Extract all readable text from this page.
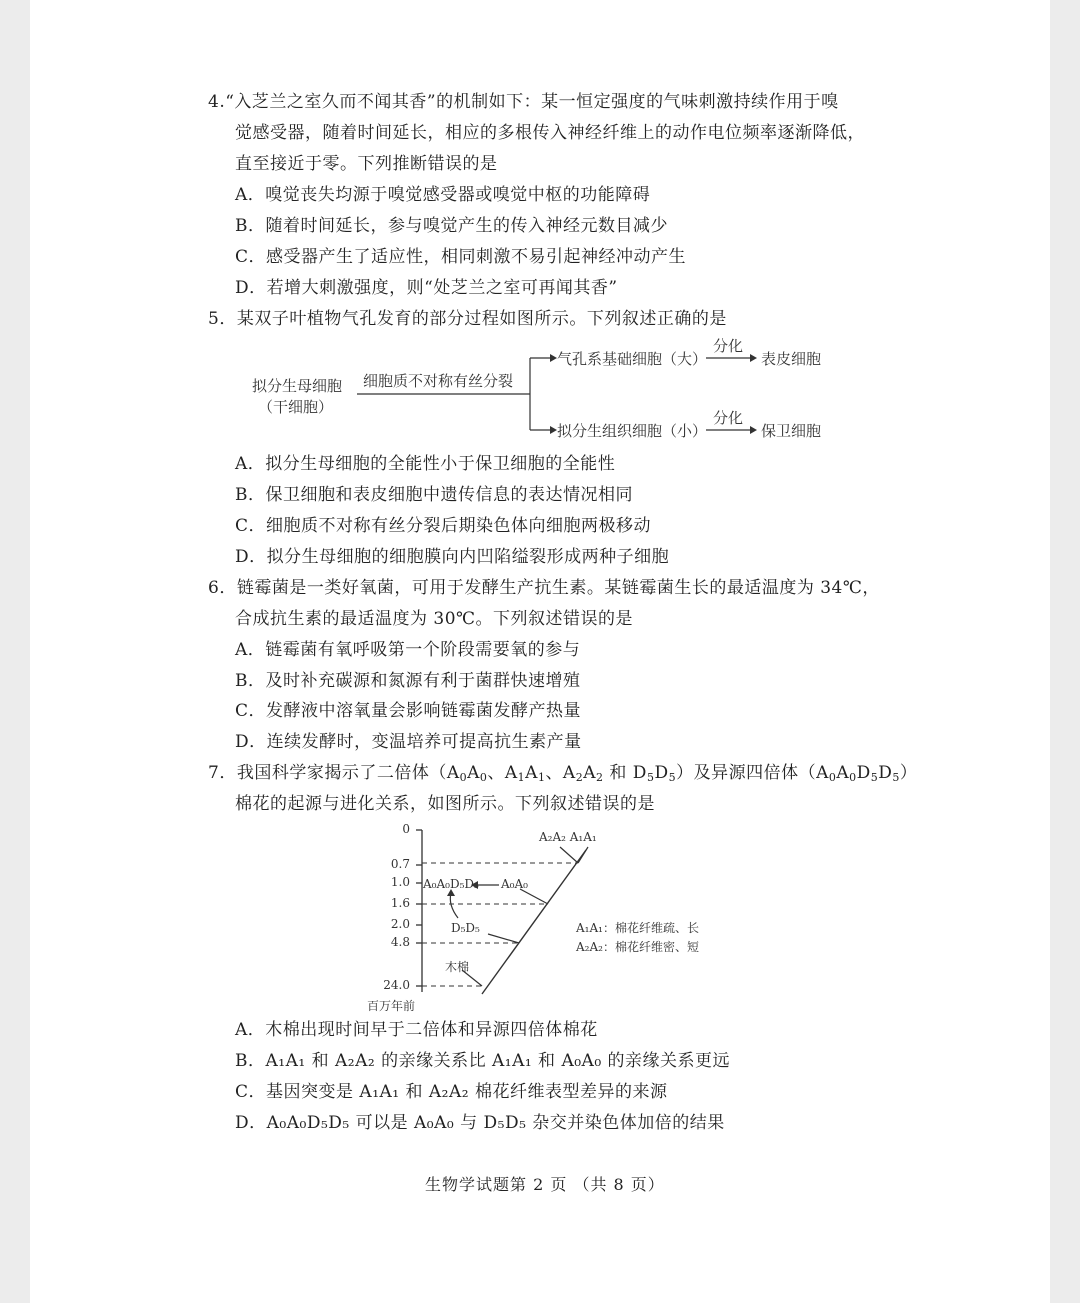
4.“入芝兰之室久而不闻其香”的机制如下：某一恒定强度的气味刺激持续作用于嗅
觉感受器，随着时间延长，相应的多根传入神经纤维上的动作电位频率逐渐降低，
直至接近于零。下列推断错误的是
A．嗅觉丧失均源于嗅觉感受器或嗅觉中枢的功能障碍
B．随着时间延长，参与嗅觉产生的传入神经元数目减少
C．感受器产生了适应性，相同刺激不易引起神经冲动产生
D．若增大刺激强度，则“处芝兰之室可再闻其香”
5．某双子叶植物气孔发育的部分过程如图所示。下列叙述正确的是
拟分生母细胞
（干细胞）
细胞质不对称有丝分裂
气孔系基础细胞（大）
拟分生组织细胞（小）
分化
分化
表皮细胞
保卫细胞
A．拟分生母细胞的全能性小于保卫细胞的全能性
B．保卫细胞和表皮细胞中遗传信息的表达情况相同
C．细胞质不对称有丝分裂后期染色体向细胞两极移动
D．拟分生母细胞的细胞膜向内凹陷缢裂形成两种子细胞
6．链霉菌是一类好氧菌，可用于发酵生产抗生素。某链霉菌生长的最适温度为 34℃，
合成抗生素的最适温度为 30℃。下列叙述错误的是
A．链霉菌有氧呼吸第一个阶段需要氧的参与
B．及时补充碳源和氮源有利于菌群快速增殖
C．发酵液中溶氧量会影响链霉菌发酵产热量
D．连续发酵时，变温培养可提高抗生素产量
7．我国科学家揭示了二倍体（$A_0A_0$、$A_1A_1$、$A_2A_2$ 和 $D_5D_5$）及异源四倍体$(A_0A_0D_5D_5)$
棉花的起源与进化关系，如图所示。下列叙述错误的是
0
0.7
1.0
1.6
2.0
4.8
24.0
百万年前
A₂A₂ A₁A₁
A₀A₀D₅D₅ A₀A₀
D₅D₅
木棉
A₁A₁：棉花纤维疏、长
A₂A₂：棉花纤维密、短
A．木棉出现时间早于二倍体和异源四倍体棉花
B．A₁A₁ 和 A₂A₂ 的亲缘关系比 A₁A₁ 和 A₀A₀ 的亲缘关系更远
C．基因突变是 A₁A₁ 和 A₂A₂ 棉花纤维表型差异的来源
D．A₀A₀D₅D₅ 可以是 A₀A₀ 与 D₅D₅ 杂交并染色体加倍的结果
生物学试题第 2 页 （共 8 页）
